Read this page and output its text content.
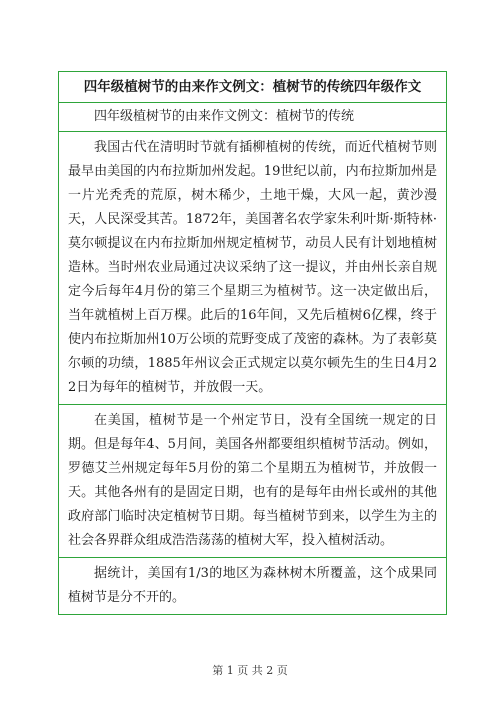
四年级植树节的由来作文例文：植树节的传统四年级作文
四年级植树节的由来作文例文：植树节的传统

我国古代在清明时节就有插柳植树的传统，而近代植树节则最早由美国的内布拉斯加州发起。19世纪以前，内布拉斯加州是一片光秃秃的荒原，树木稀少，土地干燥，大风一起，黄沙漫天，人民深受其苦。1872年，美国著名农学家朱利叶斯·斯特林·莫尔顿提议在内布拉斯加州规定植树节，动员人民有计划地植树造林。当时州农业局通过决议采纳了这一提议，并由州长亲自规定今后每年4月份的第三个星期三为植树节。这一决定做出后，当年就植树上百万棵。此后的16年间，又先后植树6亿棵，终于使内布拉斯加州10万公顷的荒野变成了茂密的森林。为了表彰莫尔顿的功绩，1885年州议会正式规定以莫尔顿先生的生日4月22日为每年的植树节，并放假一天。

在美国，植树节是一个州定节日，没有全国统一规定的日期。但是每年4、5月间，美国各州都要组织植树节活动。例如，罗德艾兰州规定每年5月份的第二个星期五为植树节，并放假一天。其他各州有的是固定日期，也有的是每年由州长或州的其他政府部门临时决定植树节日期。每当植树节到来，以学生为主的社会各界群众组成浩浩荡荡的植树大军，投入植树活动。

据统计，美国有1/3的地区为森林树木所覆盖，这个成果同植树节是分不开的。

第 1 页 共 2 页
